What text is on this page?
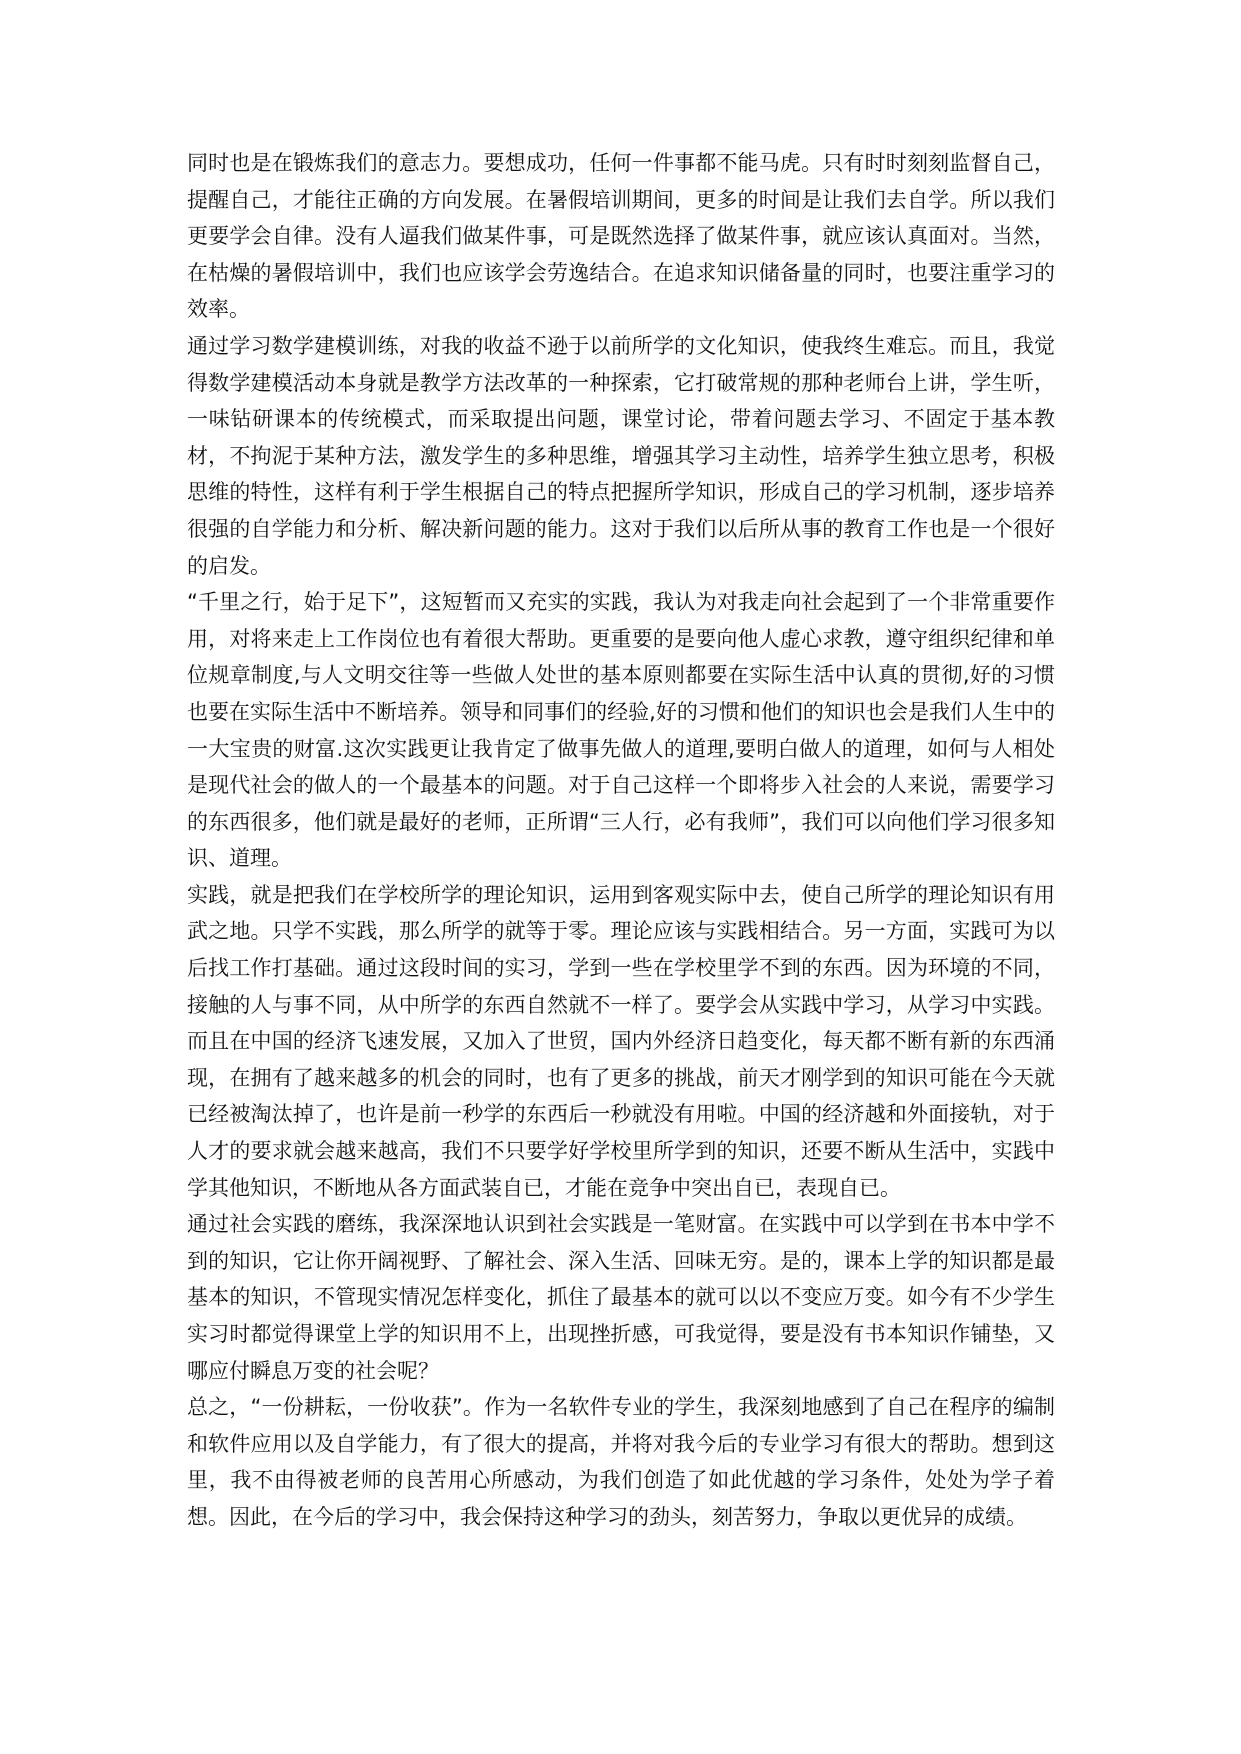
同时也是在锻炼我们的意志力。要想成功，任何一件事都不能马虎。只有时时刻刻监督自己，提醒自己，才能往正确的方向发展。在暑假培训期间，更多的时间是让我们去自学。所以我们更要学会自律。没有人逼我们做某件事，可是既然选择了做某件事，就应该认真面对。当然，在枯燥的暑假培训中，我们也应该学会劳逸结合。在追求知识储备量的同时，也要注重学习的效率。

通过学习数学建模训练，对我的收益不逊于以前所学的文化知识，使我终生难忘。而且，我觉得数学建模活动本身就是教学方法改革的一种探索，它打破常规的那种老师台上讲，学生听，一味钻研课本的传统模式，而采取提出问题，课堂讨论，带着问题去学习、不固定于基本教材，不拘泥于某种方法，激发学生的多种思维，增强其学习主动性，培养学生独立思考，积极思维的特性，这样有利于学生根据自己的特点把握所学知识，形成自己的学习机制，逐步培养很强的自学能力和分析、解决新问题的能力。这对于我们以后所从事的教育工作也是一个很好的启发。

“千里之行，始于足下”，这短暂而又充实的实践，我认为对我走向社会起到了一个非常重要作用，对将来走上工作岗位也有着很大帮助。更重要的是要向他人虚心求教，遵守组织纪律和单位规章制度,与人文明交往等一些做人处世的基本原则都要在实际生活中认真的贯彻,好的习惯也要在实际生活中不断培养。领导和同事们的经验,好的习惯和他们的知识也会是我们人生中的一大宝贵的财富.这次实践更让我肯定了做事先做人的道理,要明白做人的道理，如何与人相处是现代社会的做人的一个最基本的问题。对于自己这样一个即将步入社会的人来说，需要学习的东西很多，他们就是最好的老师，正所谓“三人行，必有我师”，我们可以向他们学习很多知识、道理。

实践，就是把我们在学校所学的理论知识，运用到客观实际中去，使自己所学的理论知识有用武之地。只学不实践，那么所学的就等于零。理论应该与实践相结合。另一方面，实践可为以后找工作打基础。通过这段时间的实习，学到一些在学校里学不到的东西。因为环境的不同，接触的人与事不同，从中所学的东西自然就不一样了。要学会从实践中学习，从学习中实践。而且在中国的经济飞速发展，又加入了世贸，国内外经济日趋变化，每天都不断有新的东西涌现，在拥有了越来越多的机会的同时，也有了更多的挑战，前天才刚学到的知识可能在今天就已经被淘汰掉了，也许是前一秒学的东西后一秒就没有用啦。中国的经济越和外面接轨，对于人才的要求就会越来越高，我们不只要学好学校里所学到的知识，还要不断从生活中，实践中学其他知识，不断地从各方面武装自已，才能在竞争中突出自已，表现自已。

通过社会实践的磨练，我深深地认识到社会实践是一笔财富。在实践中可以学到在书本中学不到的知识，它让你开阔视野、了解社会、深入生活、回味无穷。是的，课本上学的知识都是最基本的知识，不管现实情况怎样变化，抓住了最基本的就可以以不变应万变。如今有不少学生实习时都觉得课堂上学的知识用不上，出现挫折感，可我觉得，要是没有书本知识作铺垫，又哪应付瞬息万变的社会呢？

总之，“一份耕耘，一份收获”。作为一名软件专业的学生，我深刻地感到了自己在程序的编制和软件应用以及自学能力，有了很大的提高，并将对我今后的专业学习有很大的帮助。想到这里，我不由得被老师的良苦用心所感动，为我们创造了如此优越的学习条件，处处为学子着想。因此，在今后的学习中，我会保持这种学习的劲头，刻苦努力，争取以更优异的成绩。
